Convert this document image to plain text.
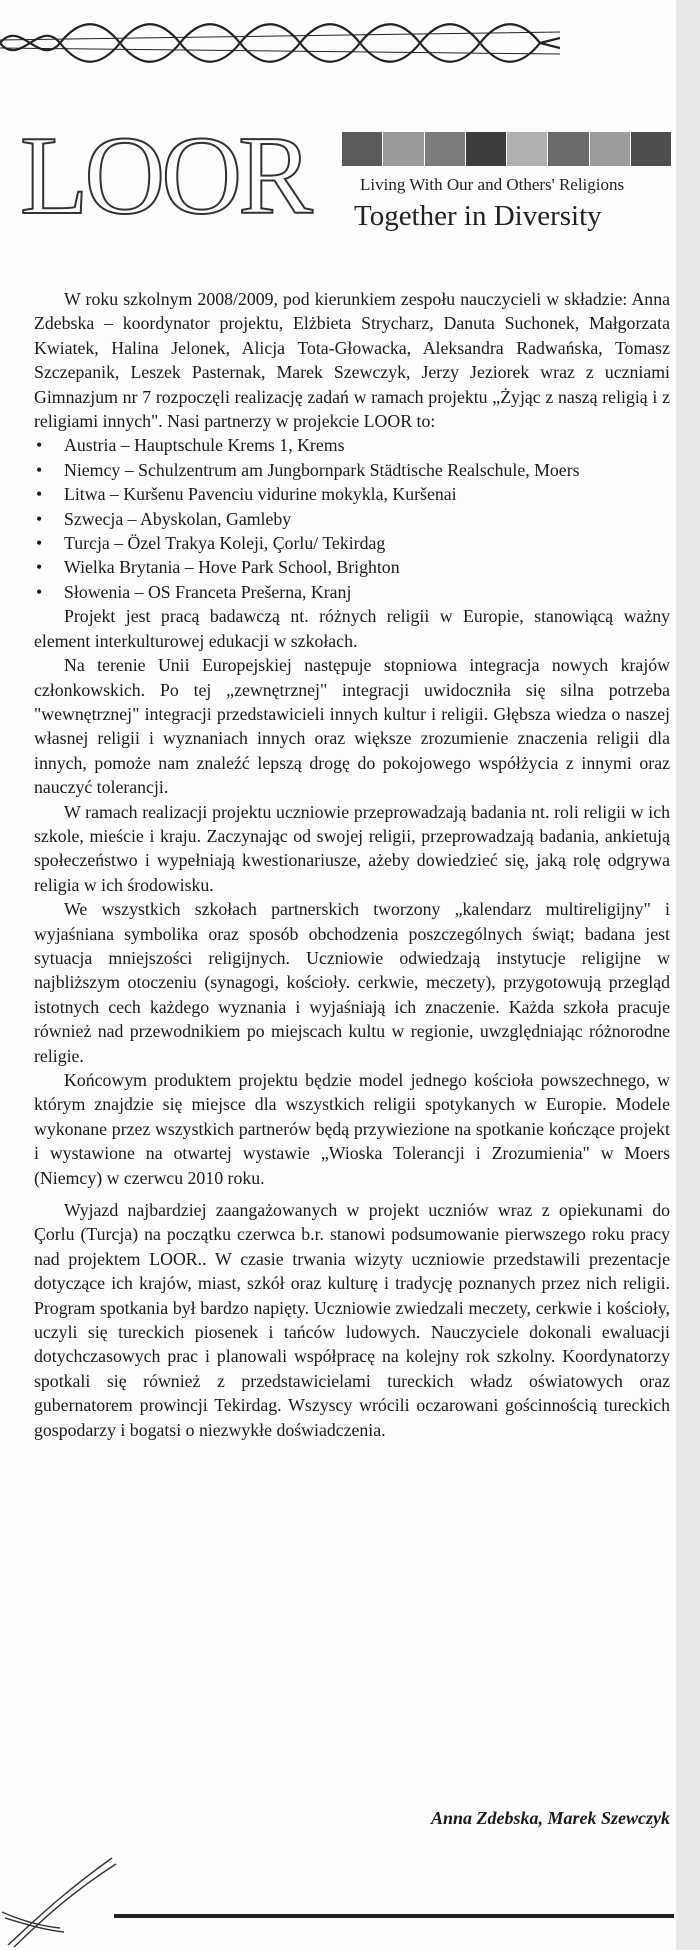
LOOR	Living With Our and Others' Religions
Together in Diversity

W roku szkolnym 2008/2009, pod kierunkiem zespołu nauczycieli w składzie: Anna Zdebska – koordynator projektu, Elżbieta Strycharz, Danuta Suchonek, Małgorzata Kwiatek, Halina Jelonek, Alicja Tota-Głowacka, Aleksandra Radwańska, Tomasz Szczepanik, Leszek Pasternak, Marek Szewczyk, Jerzy Jeziorek wraz z uczniami Gimnazjum nr 7 rozpoczęli realizację zadań w ramach projektu „Żyjąc z naszą religią i z religiami innych". Nasi partnerzy w projekcie LOOR to:

• Austria – Hauptschule Krems 1, Krems
• Niemcy – Schulzentrum am Jungbornpark Städtische Realschule, Moers
• Litwa – Kuršenu Pavenciu vidurine mokykla, Kuršenai
• Szwecja – Abyskolan, Gamleby
• Turcja – Özel Trakya Koleji, Çorlu/ Tekirdag
• Wielka Brytania – Hove Park School, Brighton
• Słowenia – OS Franceta Prešerna, Kranj

Projekt jest pracą badawczą nt. różnych religii w Europie, stanowiącą ważny element interkulturowej edukacji w szkołach.

Na terenie Unii Europejskiej następuje stopniowa integracja nowych krajów członkowskich. Po tej „zewnętrznej" integracji uwidoczniła się silna potrzeba "wewnętrznej" integracji przedstawicieli innych kultur i religii. Głębsza wiedza o naszej własnej religii i wyznaniach innych oraz większe zrozumienie znaczenia religii dla innych, pomoże nam znaleźć lepszą drogę do pokojowego współżycia z innymi oraz nauczyć tolerancji.

W ramach realizacji projektu uczniowie przeprowadzają badania nt. roli religii w ich szkole, mieście i kraju. Zaczynając od swojej religii, przeprowadzają badania, ankietują społeczeństwo i wypełniają kwestionariusze, ażeby dowiedzieć się, jaką rolę odgrywa religia w ich środowisku.

We wszystkich szkołach partnerskich tworzony „kalendarz multireligijny" i wyjaśniana symbolika oraz sposób obchodzenia poszczególnych świąt; badana jest sytuacja mniejszości religijnych. Uczniowie odwiedzają instytucje religijne w najbliższym otoczeniu (synagogi, kościoły. cerkwie, meczety), przygotowują przegląd istotnych cech każdego wyznania i wyjaśniają ich znaczenie. Każda szkoła pracuje również nad przewodnikiem po miejscach kultu w regionie, uwzględniając różnorodne religie.

Końcowym produktem projektu będzie model jednego kościoła powszechnego, w którym znajdzie się miejsce dla wszystkich religii spotykanych w Europie. Modele wykonane przez wszystkich partnerów będą przywiezione na spotkanie kończące projekt i wystawione na otwartej wystawie „Wioska Tolerancji i Zrozumienia" w Moers (Niemcy) w czerwcu 2010 roku.

Wyjazd najbardziej zaangażowanych w projekt uczniów wraz z opiekunami do Çorlu (Turcja) na początku czerwca b.r. stanowi podsumowanie pierwszego roku pracy nad projektem LOOR.. W czasie trwania wizyty uczniowie przedstawili prezentacje dotyczące ich krajów, miast, szkół oraz kulturę i tradycję poznanych przez nich religii. Program spotkania był bardzo napięty. Uczniowie zwiedzali meczety, cerkwie i kościoły, uczyli się tureckich piosenek i tańców ludowych. Nauczyciele dokonali ewaluacji dotychczasowych prac i planowali współpracę na kolejny rok szkolny. Koordynatorzy spotkali się również z przedstawicielami tureckich władz oświatowych oraz gubernatorem prowincji Tekirdag. Wszyscy wrócili oczarowani gościnnością tureckich gospodarzy i bogatsi o niezwykłe doświadczenia.

Anna Zdebska, Marek Szewczyk
